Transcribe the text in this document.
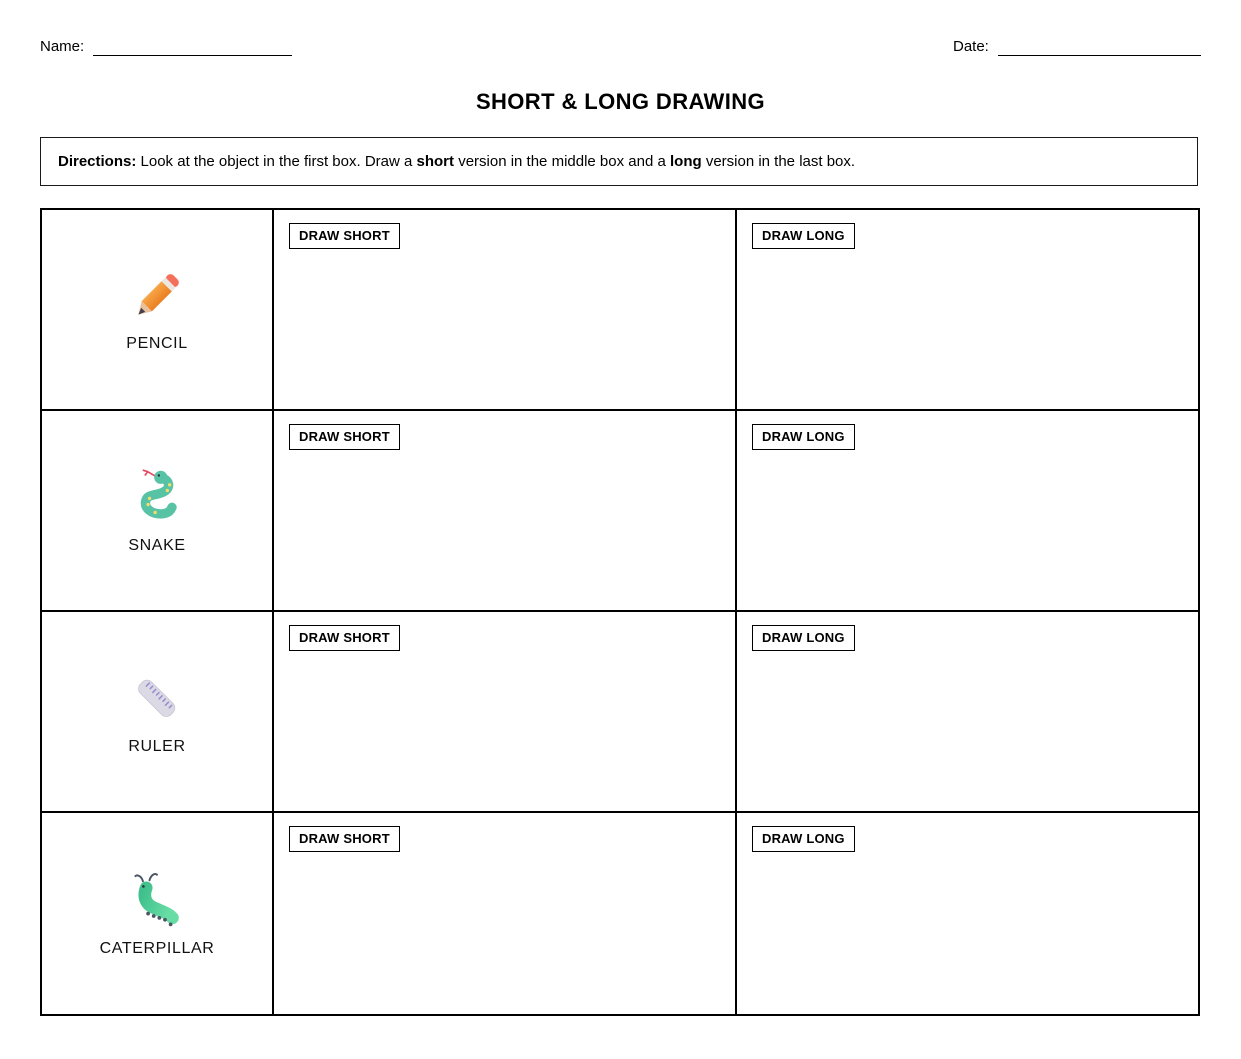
Name:	Date:
SHORT & LONG DRAWING
Directions: Look at the object in the first box. Draw a short version in the middle box and a long version in the last box.
PENCIL
DRAW SHORT	DRAW LONG
SNAKE
DRAW SHORT	DRAW LONG
RULER
DRAW SHORT	DRAW LONG
CATERPILLAR
DRAW SHORT	DRAW LONG
